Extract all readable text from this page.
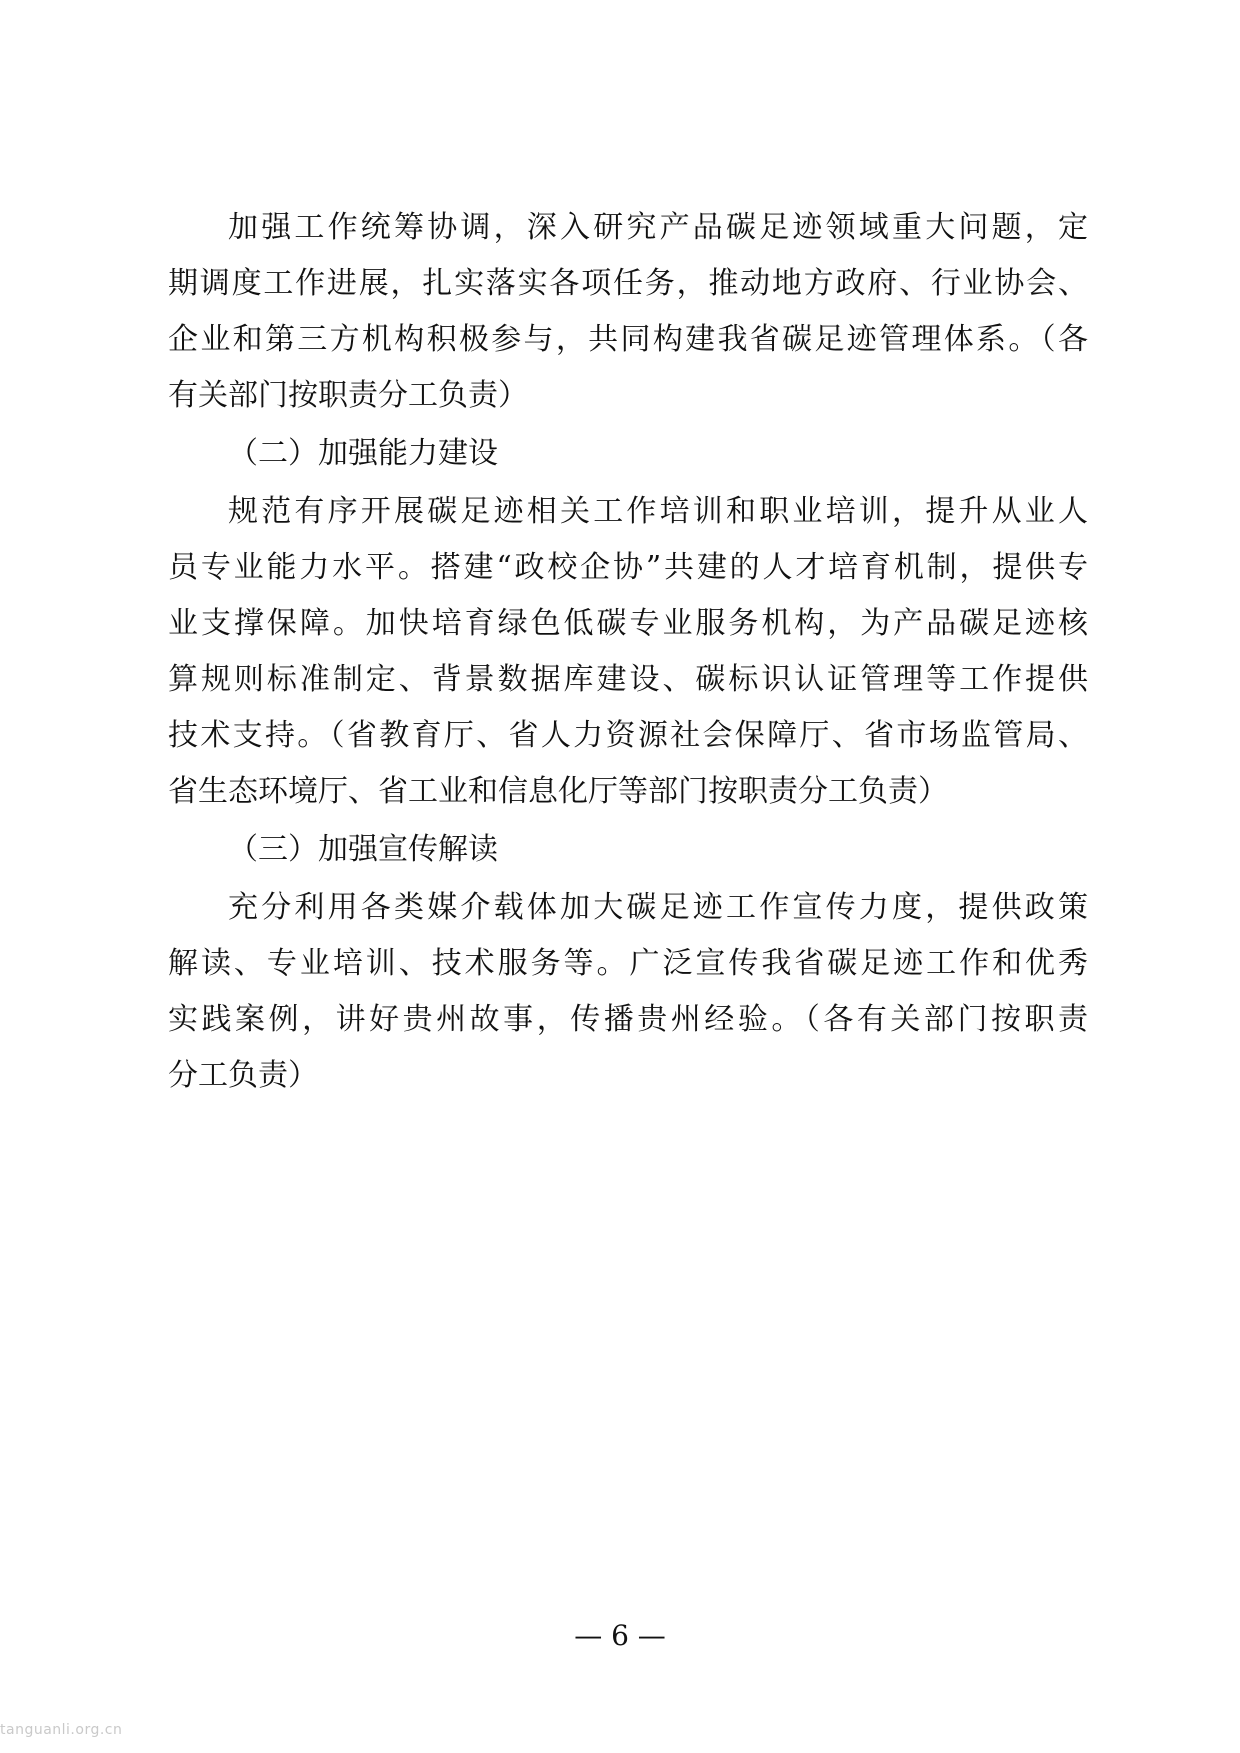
加强工作统筹协调，深入研究产品碳足迹领域重大问题，定
期调度工作进展，扎实落实各项任务，推动地方政府、行业协会、
企业和第三方机构积极参与，共同构建我省碳足迹管理体系。（各
有关部门按职责分工负责）
（二）加强能力建设
规范有序开展碳足迹相关工作培训和职业培训，提升从业人
员专业能力水平。搭建“政校企协”共建的人才培育机制，提供专
业支撑保障。加快培育绿色低碳专业服务机构，为产品碳足迹核
算规则标准制定、背景数据库建设、碳标识认证管理等工作提供
技术支持。（省教育厅、省人力资源社会保障厅、省市场监管局、
省生态环境厅、省工业和信息化厅等部门按职责分工负责）
（三）加强宣传解读
充分利用各类媒介载体加大碳足迹工作宣传力度，提供政策
解读、专业培训、技术服务等。广泛宣传我省碳足迹工作和优秀
实践案例，讲好贵州故事，传播贵州经验。（各有关部门按职责
分工负责）
— 6 —
tanguanli.org.cn
